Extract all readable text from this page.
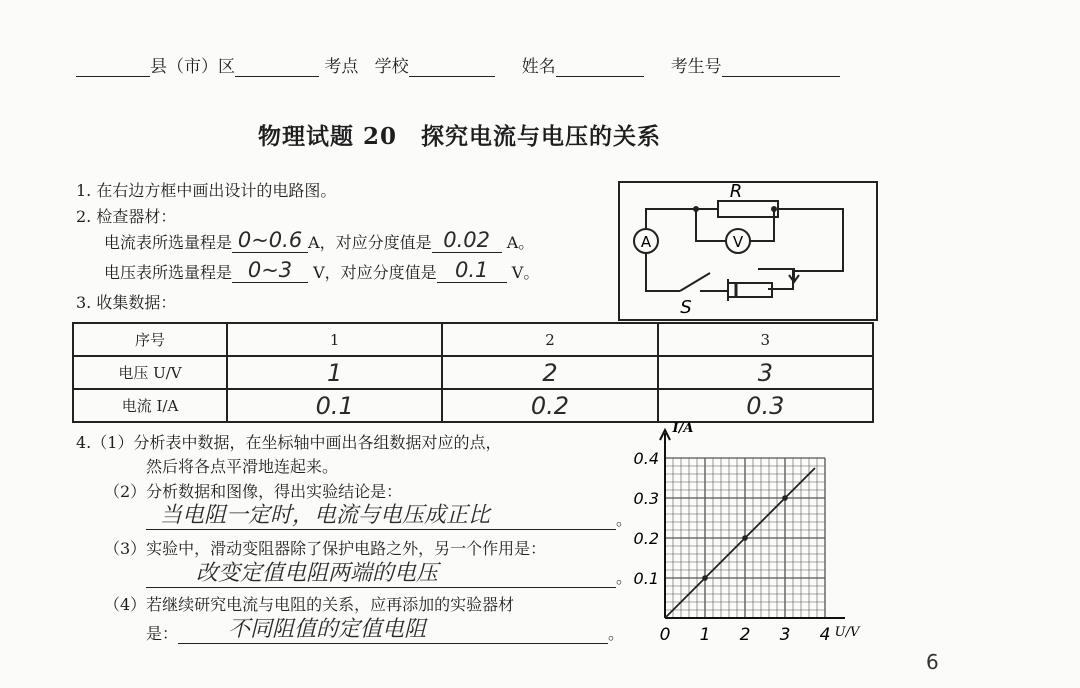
县（市）区	考点 学校	姓名	考生号
物理试题 20　探究电流与电压的关系
1. 在右边方框中画出设计的电路图。
2. 检查器材：
电流表所选量程是 0~0.6 A，对应分度值是 0.02 A。
电压表所选量程是 0~3 V，对应分度值是 0.1 V。
3. 收集数据：
A	V
R
S
序号	1	2	3
电压 U/V	1	2	3
电流 I/A	0.1	0.2	0.3
4.（1）分析表中数据，在坐标轴中画出各组数据对应的点，
然后将各点平滑地连起来。
（2）分析数据和图像，得出实验结论是：
当电阻一定时，电流与电压成正比	。
（3）实验中，滑动变阻器除了保护电路之外，另一个作用是：
改变定值电阻两端的电压	。
（4）若继续研究电流与电阻的关系，应再添加的实验器材
是： 不同阻值的定值电阻	。 0 1 2 3 4
0.1
0.2
0.3
0.4
U/V
I/A
6
